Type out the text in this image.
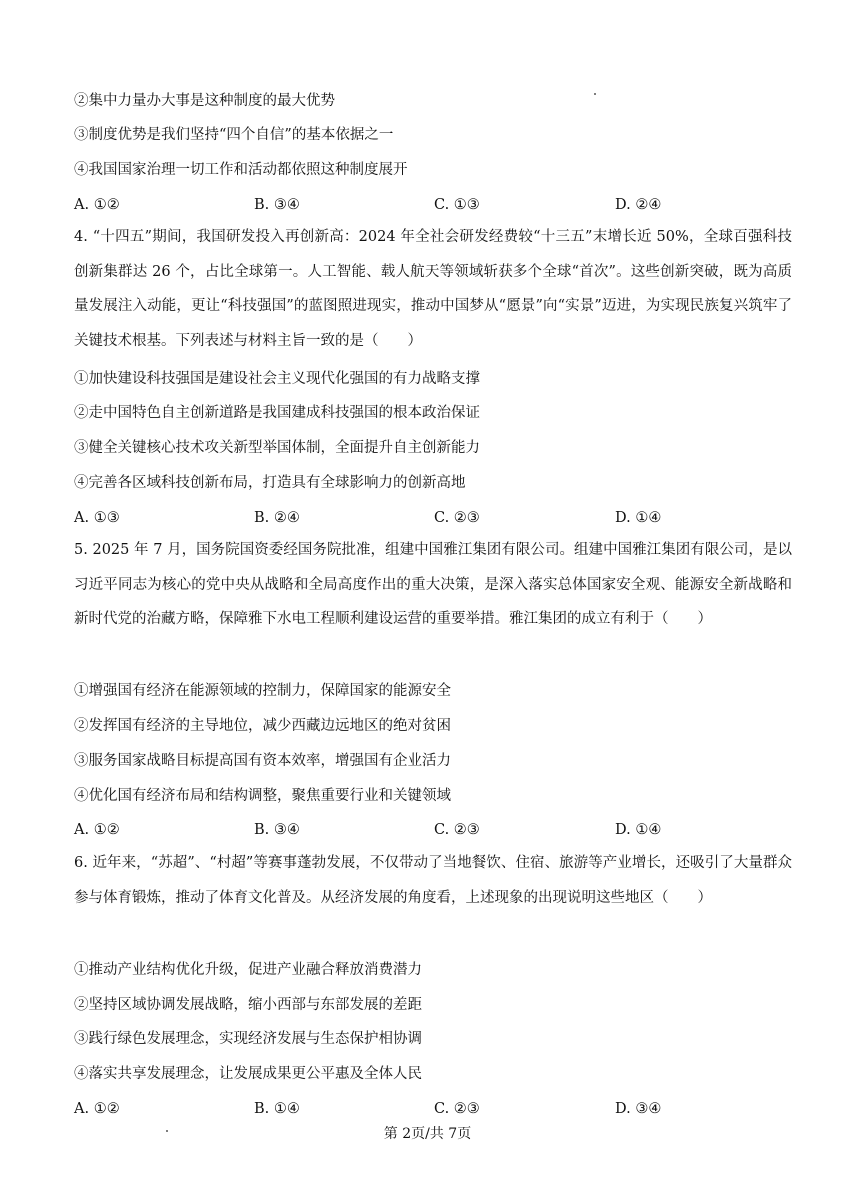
②集中力量办大事是这种制度的最大优势
③制度优势是我们坚持“四个自信”的基本依据之一
④我国国家治理一切工作和活动都依照这种制度展开
A. ①②	B. ③④	C. ①③	D. ②④
4. “十四五”期间，我国研发投入再创新高：2024 年全社会研发经费较“十三五”末增长近 50%，全球百强科技创新集群达 26 个，占比全球第一。人工智能、载人航天等领域斩获多个全球“首次”。这些创新突破，既为高质量发展注入动能，更让“科技强国”的蓝图照进现实，推动中国梦从“愿景”向“实景”迈进，为实现民族复兴筑牢了关键技术根基。下列表述与材料主旨一致的是（　　）
①加快建设科技强国是建设社会主义现代化强国的有力战略支撑
②走中国特色自主创新道路是我国建成科技强国的根本政治保证
③健全关键核心技术攻关新型举国体制，全面提升自主创新能力
④完善各区域科技创新布局，打造具有全球影响力的创新高地
A. ①③	B. ②④	C. ②③	D. ①④
5. 2025 年 7 月，国务院国资委经国务院批准，组建中国雅江集团有限公司。组建中国雅江集团有限公司，是以习近平同志为核心的党中央从战略和全局高度作出的重大决策，是深入落实总体国家安全观、能源安全新战略和新时代党的治藏方略，保障雅下水电工程顺利建设运营的重要举措。雅江集团的成立有利于（　　）
①增强国有经济在能源领域的控制力，保障国家的能源安全
②发挥国有经济的主导地位，减少西藏边远地区的绝对贫困
③服务国家战略目标提高国有资本效率，增强国有企业活力
④优化国有经济布局和结构调整，聚焦重要行业和关键领域
A. ①②	B. ③④	C. ②③	D. ①④
6. 近年来，“苏超”、“村超”等赛事蓬勃发展，不仅带动了当地餐饮、住宿、旅游等产业增长，还吸引了大量群众参与体育锻炼，推动了体育文化普及。从经济发展的角度看，上述现象的出现说明这些地区（　　）
①推动产业结构优化升级，促进产业融合释放消费潜力
②坚持区域协调发展战略，缩小西部与东部发展的差距
③践行绿色发展理念，实现经济发展与生态保护相协调
④落实共享发展理念，让发展成果更公平惠及全体人民
A. ①②	B. ①④	C. ②③	D. ③④
第 2页/共 7页
